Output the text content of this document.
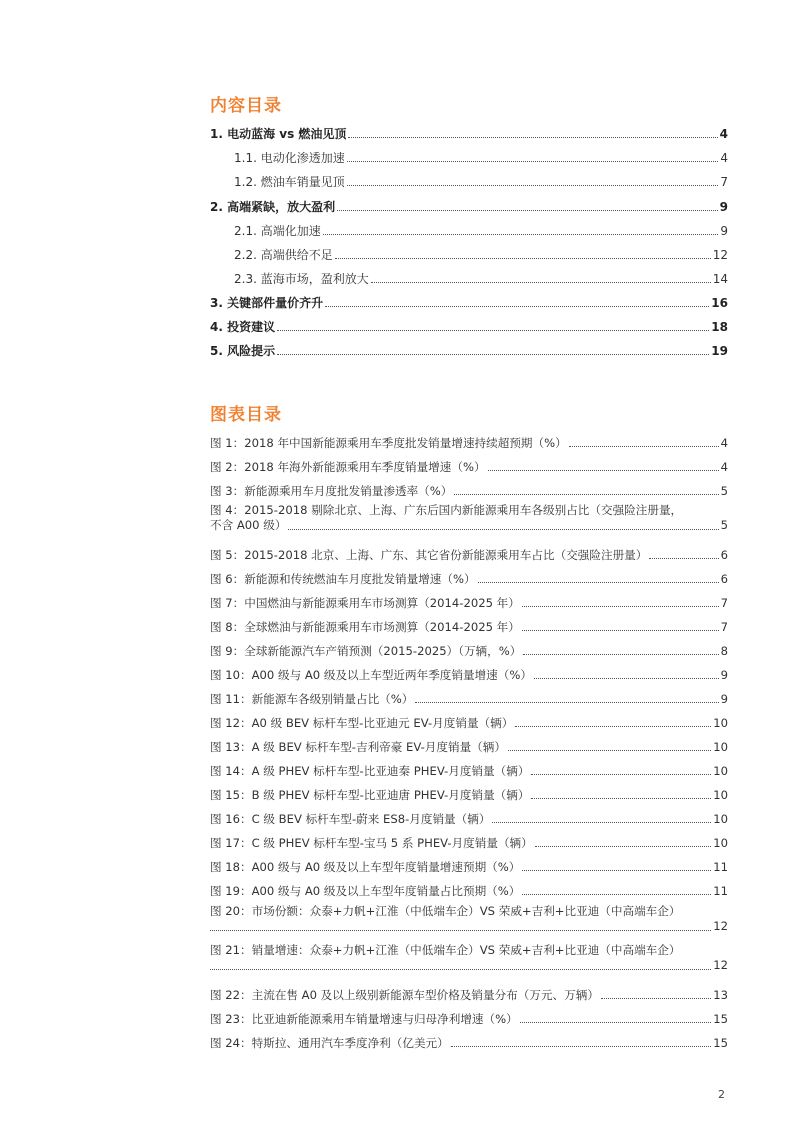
内容目录
1. 电动蓝海 vs 燃油见顶	4
1.1. 电动化渗透加速	4
1.2. 燃油车销量见顶	7
2. 高端紧缺，放大盈利	9
2.1. 高端化加速	9
2.2. 高端供给不足	12
2.3. 蓝海市场，盈利放大	14
3. 关键部件量价齐升	16
4. 投资建议	18
5. 风险提示	19
图表目录
图 1：2018 年中国新能源乘用车季度批发销量增速持续超预期（%）	4
图 2：2018 年海外新能源乘用车季度销量增速（%）	4
图 3：新能源乘用车月度批发销量渗透率（%）	5
图 4：2015-2018 剔除北京、上海、广东后国内新能源乘用车各级别占比（交强险注册量，
不含 A00 级）	5
图 5：2015-2018 北京、上海、广东、其它省份新能源乘用车占比（交强险注册量）	6
图 6：新能源和传统燃油车月度批发销量增速（%）	6
图 7：中国燃油与新能源乘用车市场测算（2014-2025 年）	7
图 8：全球燃油与新能源乘用车市场测算（2014-2025 年）	7
图 9：全球新能源汽车产销预测（2015-2025）（万辆，%）	8
图 10：A00 级与 A0 级及以上车型近两年季度销量增速（%）	9
图 11：新能源车各级别销量占比（%）	9
图 12：A0 级 BEV 标杆车型-比亚迪元 EV-月度销量（辆）	10
图 13：A 级 BEV 标杆车型-吉利帝豪 EV-月度销量（辆）	10
图 14：A 级 PHEV 标杆车型-比亚迪秦 PHEV-月度销量（辆）	10
图 15：B 级 PHEV 标杆车型-比亚迪唐 PHEV-月度销量（辆）	10
图 16：C 级 BEV 标杆车型-蔚来 ES8-月度销量（辆）	10
图 17：C 级 PHEV 标杆车型-宝马 5 系 PHEV-月度销量（辆）	10
图 18：A00 级与 A0 级及以上车型年度销量增速预期（%）	11
图 19：A00 级与 A0 级及以上车型年度销量占比预期（%）	11
图 20：市场份额：众泰+力帆+江淮（中低端车企）VS 荣威+吉利+比亚迪（中高端车企）
12
图 21：销量增速：众泰+力帆+江淮（中低端车企）VS 荣威+吉利+比亚迪（中高端车企）
12
图 22：主流在售 A0 及以上级别新能源车型价格及销量分布（万元、万辆）	13
图 23：比亚迪新能源乘用车销量增速与归母净利增速（%）	15
图 24：特斯拉、通用汽车季度净利（亿美元）	15
2
